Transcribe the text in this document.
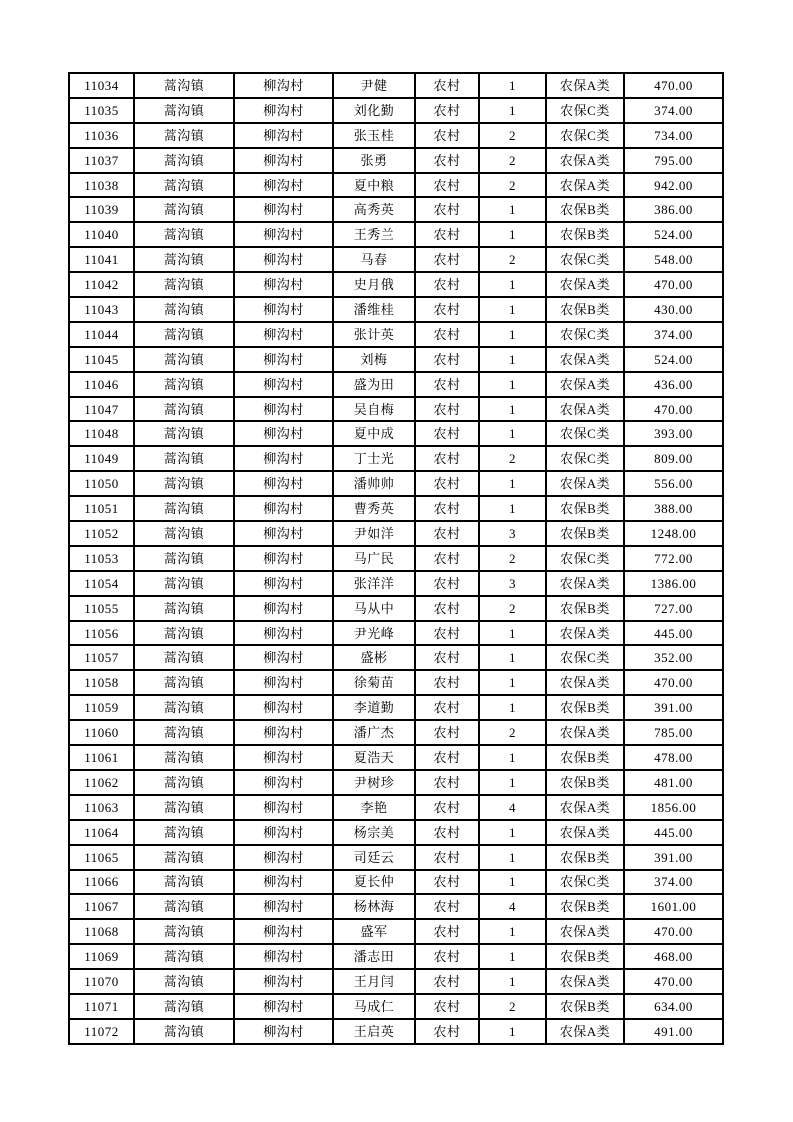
11034	蒿沟镇	柳沟村	尹健	农村	1	农保A类	470.00
11035	蒿沟镇	柳沟村	刘化勤	农村	1	农保C类	374.00
11036	蒿沟镇	柳沟村	张玉桂	农村	2	农保C类	734.00
11037	蒿沟镇	柳沟村	张勇	农村	2	农保A类	795.00
11038	蒿沟镇	柳沟村	夏中粮	农村	2	农保A类	942.00
11039	蒿沟镇	柳沟村	高秀英	农村	1	农保B类	386.00
11040	蒿沟镇	柳沟村	王秀兰	农村	1	农保B类	524.00
11041	蒿沟镇	柳沟村	马春	农村	2	农保C类	548.00
11042	蒿沟镇	柳沟村	史月俄	农村	1	农保A类	470.00
11043	蒿沟镇	柳沟村	潘维桂	农村	1	农保B类	430.00
11044	蒿沟镇	柳沟村	张计英	农村	1	农保C类	374.00
11045	蒿沟镇	柳沟村	刘梅	农村	1	农保A类	524.00
11046	蒿沟镇	柳沟村	盛为田	农村	1	农保A类	436.00
11047	蒿沟镇	柳沟村	吴自梅	农村	1	农保A类	470.00
11048	蒿沟镇	柳沟村	夏中成	农村	1	农保C类	393.00
11049	蒿沟镇	柳沟村	丁士光	农村	2	农保C类	809.00
11050	蒿沟镇	柳沟村	潘帅帅	农村	1	农保A类	556.00
11051	蒿沟镇	柳沟村	曹秀英	农村	1	农保B类	388.00
11052	蒿沟镇	柳沟村	尹如洋	农村	3	农保B类	1248.00
11053	蒿沟镇	柳沟村	马广民	农村	2	农保C类	772.00
11054	蒿沟镇	柳沟村	张洋洋	农村	3	农保A类	1386.00
11055	蒿沟镇	柳沟村	马从中	农村	2	农保B类	727.00
11056	蒿沟镇	柳沟村	尹光峰	农村	1	农保A类	445.00
11057	蒿沟镇	柳沟村	盛彬	农村	1	农保C类	352.00
11058	蒿沟镇	柳沟村	徐菊苗	农村	1	农保A类	470.00
11059	蒿沟镇	柳沟村	李道勤	农村	1	农保B类	391.00
11060	蒿沟镇	柳沟村	潘广杰	农村	2	农保A类	785.00
11061	蒿沟镇	柳沟村	夏浩天	农村	1	农保B类	478.00
11062	蒿沟镇	柳沟村	尹树珍	农村	1	农保B类	481.00
11063	蒿沟镇	柳沟村	李艳	农村	4	农保A类	1856.00
11064	蒿沟镇	柳沟村	杨宗美	农村	1	农保A类	445.00
11065	蒿沟镇	柳沟村	司廷云	农村	1	农保B类	391.00
11066	蒿沟镇	柳沟村	夏长仲	农村	1	农保C类	374.00
11067	蒿沟镇	柳沟村	杨林海	农村	4	农保B类	1601.00
11068	蒿沟镇	柳沟村	盛军	农村	1	农保A类	470.00
11069	蒿沟镇	柳沟村	潘志田	农村	1	农保B类	468.00
11070	蒿沟镇	柳沟村	王月闫	农村	1	农保A类	470.00
11071	蒿沟镇	柳沟村	马成仁	农村	2	农保B类	634.00
11072	蒿沟镇	柳沟村	王启英	农村	1	农保A类	491.00
